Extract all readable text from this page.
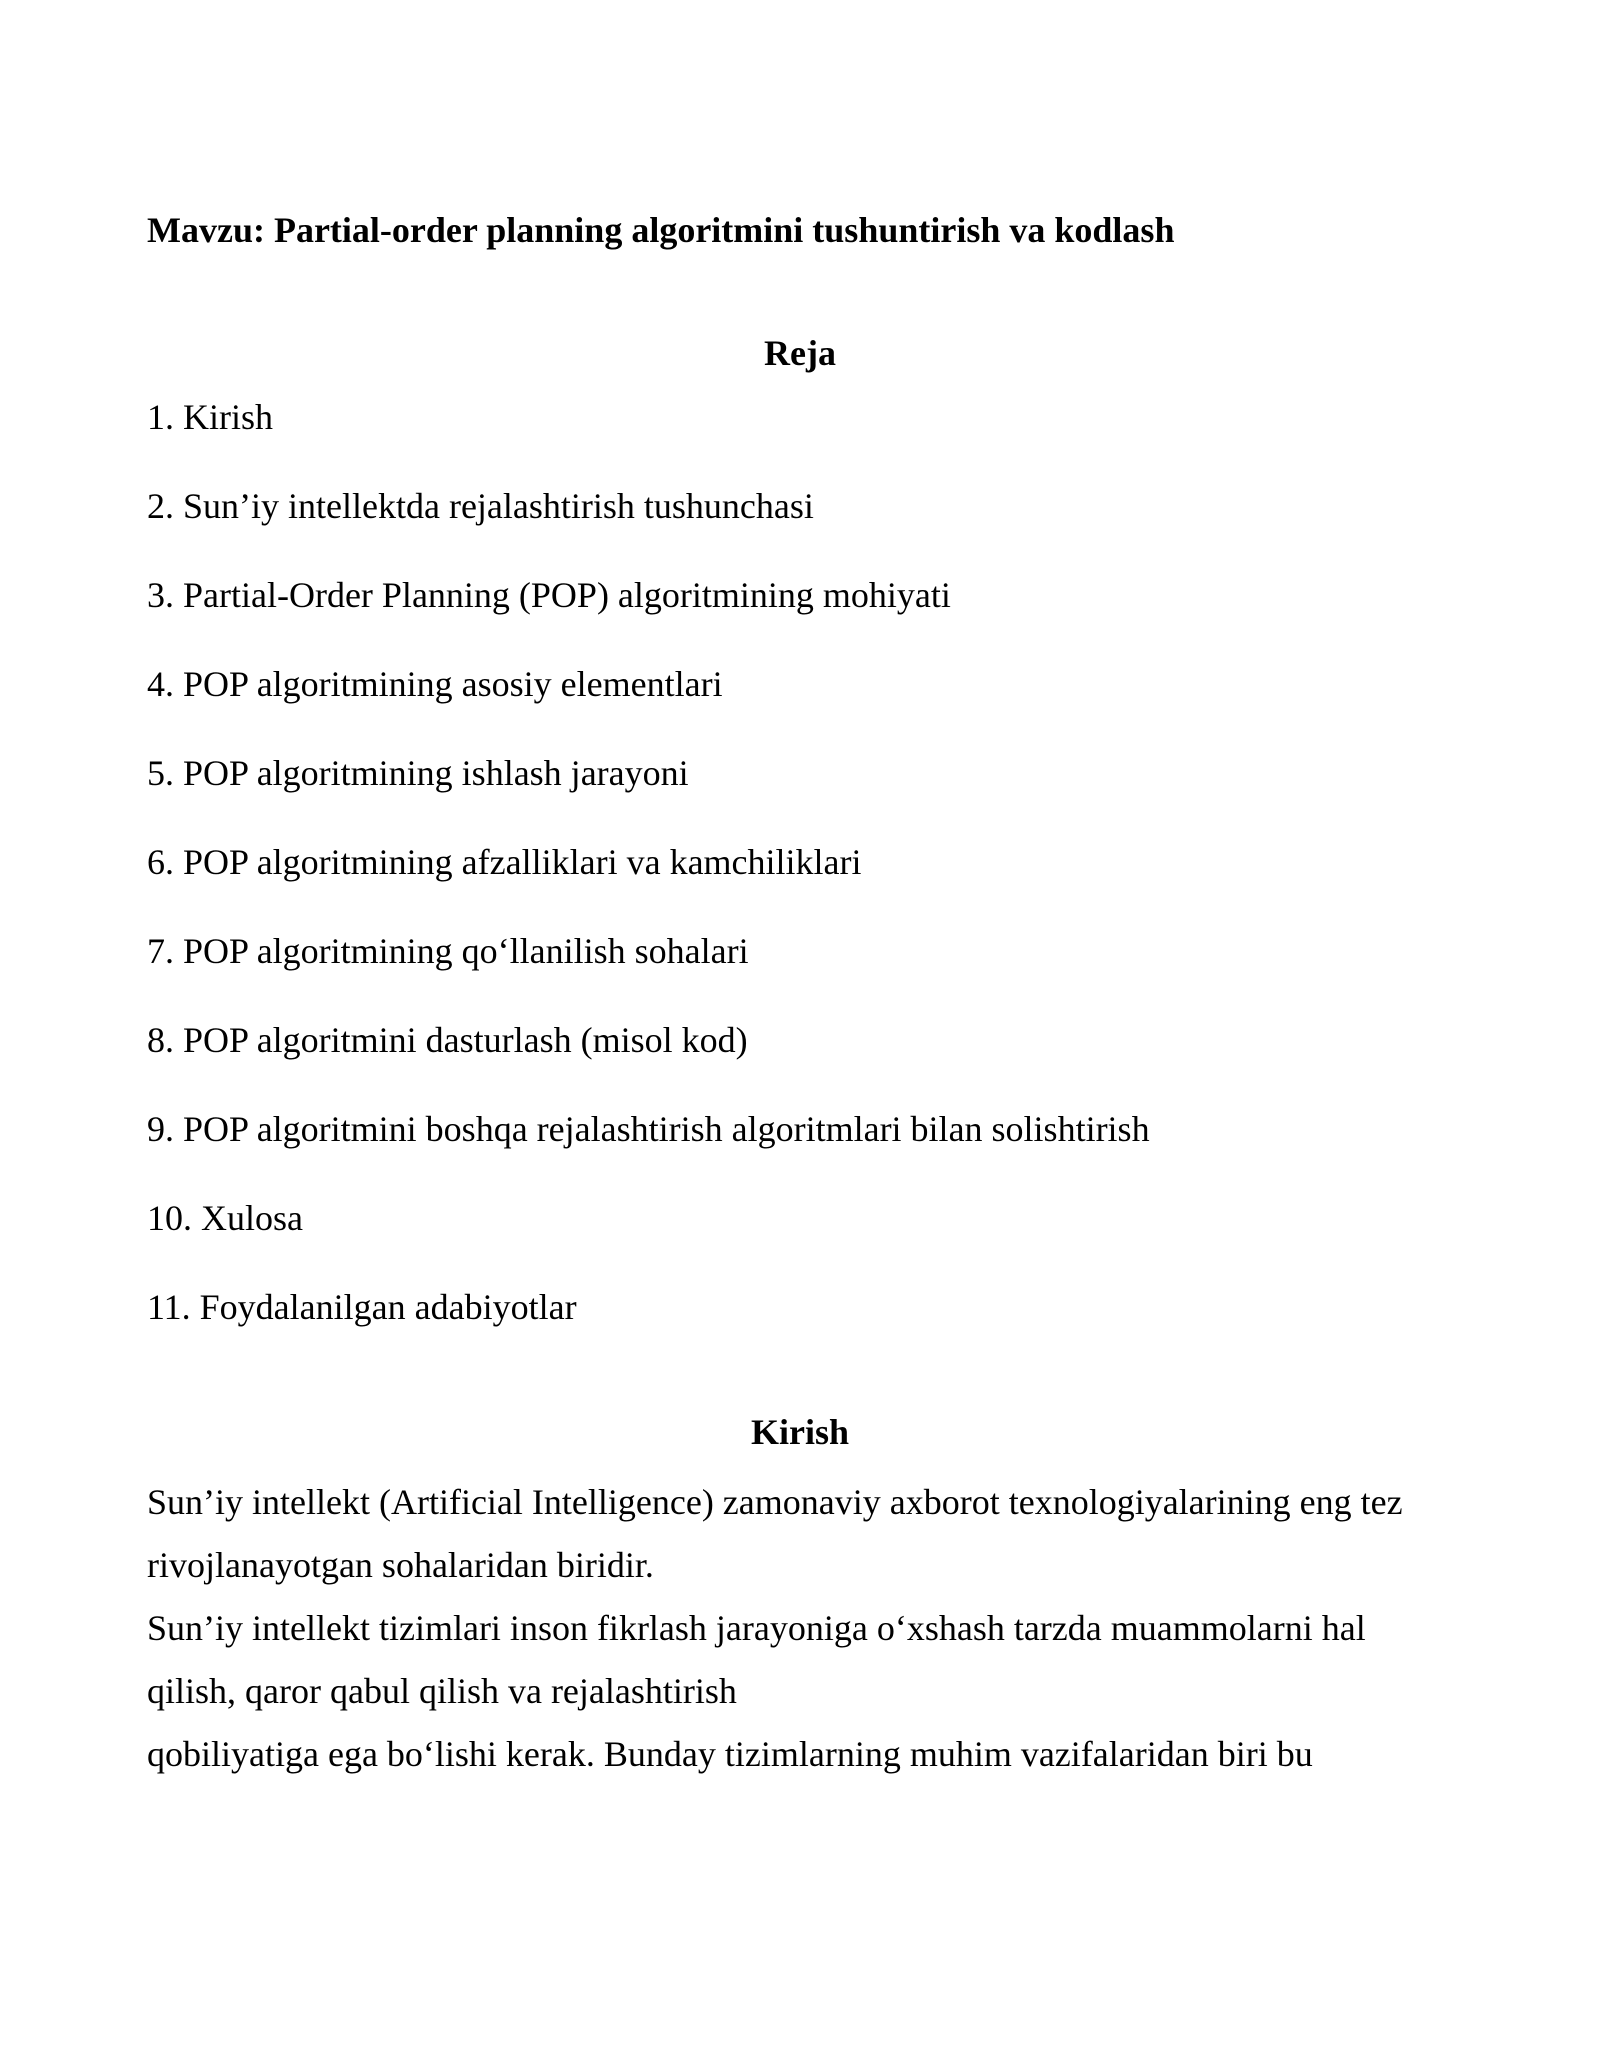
Mavzu: Partial-order planning algoritmini tushuntirish va kodlash
Reja
1. Kirish
2. Sun’iy intellektda rejalashtirish tushunchasi
3. Partial-Order Planning (POP) algoritmining mohiyati
4. POP algoritmining asosiy elementlari
5. POP algoritmining ishlash jarayoni
6. POP algoritmining afzalliklari va kamchiliklari
7. POP algoritmining qo‘llanilish sohalari
8. POP algoritmini dasturlash (misol kod)
9. POP algoritmini boshqa rejalashtirish algoritmlari bilan solishtirish
10. Xulosa
11. Foydalanilgan adabiyotlar
Kirish
Sun’iy intellekt (Artificial Intelligence) zamonaviy axborot texnologiyalarining eng tez
rivojlanayotgan sohalaridan biridir.
Sun’iy intellekt tizimlari inson fikrlash jarayoniga o‘xshash tarzda muammolarni hal
qilish, qaror qabul qilish va rejalashtirish
qobiliyatiga ega bo‘lishi kerak. Bunday tizimlarning muhim vazifalaridan biri bu
